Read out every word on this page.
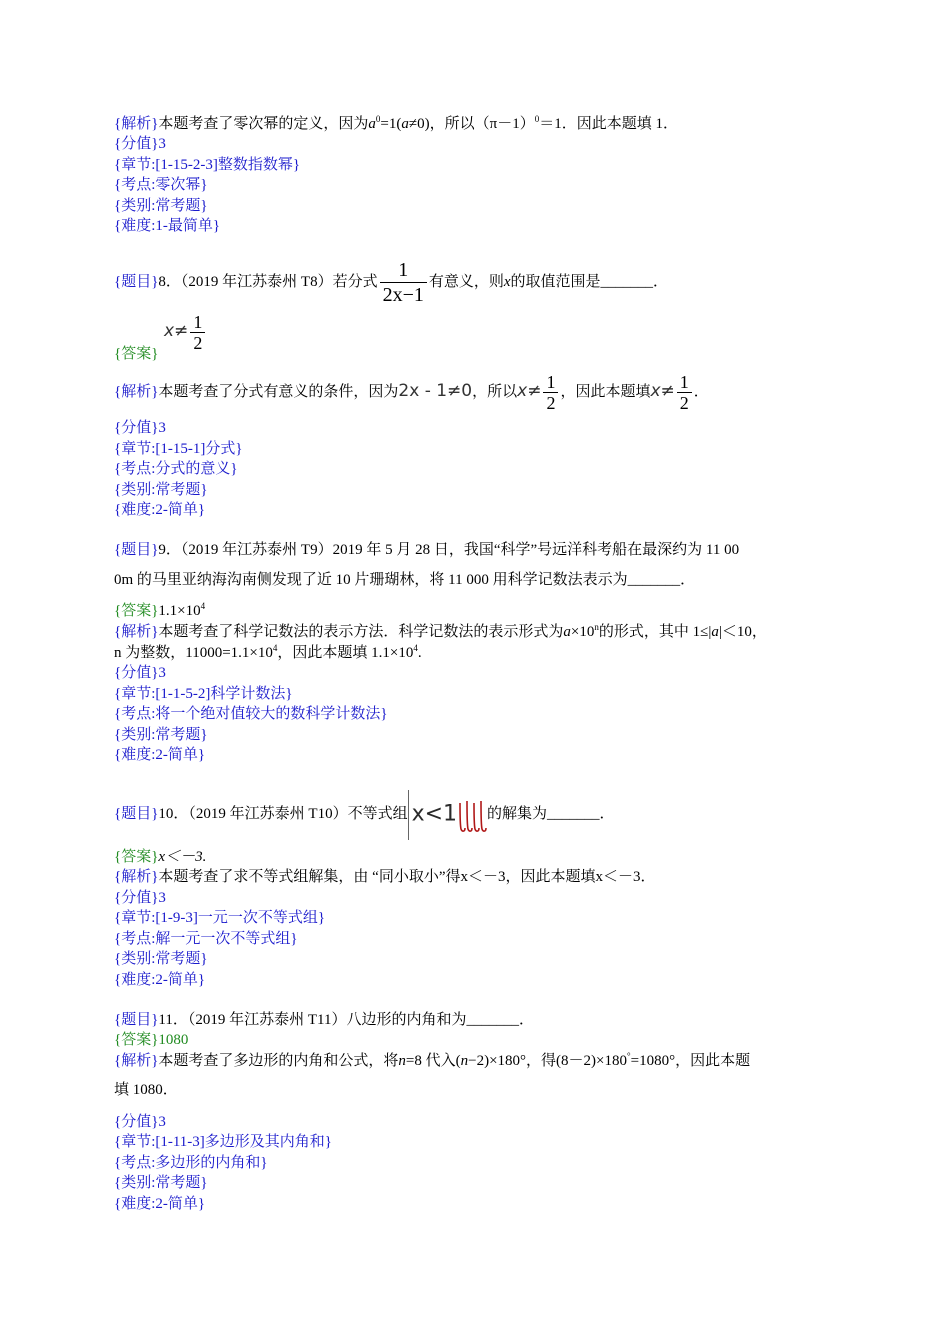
{解析}本题考查了零次幂的定义，因为$a^0=1(a\ne 0)$，所以$(\pi-1)^0=1$．因此本题填 1．
{分值}3
{章节:[1-15-2-3]整数指数幂}
{考点:零次幂}
{类别:常考题}
{难度:1-最简单}
{题目}8．（2019 年江苏泰州 T8）若分式 $\frac{1}{2x-1}$ 有意义，则x的取值范围是_______．
$x\ne \frac{1}{2}$
{答案}
{解析}本题考查了分式有意义的条件，因为2x - 1≠0，所以$x\ne \frac{1}{2}$ ，因此本题填$x\ne \frac{1}{2}$ ．
{分值}3
{章节:[1-15-1]分式}
{考点:分式的意义}
{类别:常考题}
{难度:2-简单}
{题目}9．（2019 年江苏泰州 T9）2019 年 5 月 28 日，我国“科学”号远洋科考船在最深约为 11 00
0m 的马里亚纳海沟南侧发现了近 10 片珊瑚林，将 11 000 用科学记数法表示为_______．
{答案}$1.1\times 10^4$
{解析}本题考查了科学记数法的表示方法．科学记数法的表示形式为$a\times 10^n$的形式，其中 1≤|a|＜10，
n 为整数，$11000=1.1\times 10^4$，因此本题填 $1.1\times 10^4$.
{分值}3
{章节:[1-1-5-2]科学计数法}
{考点:将一个绝对值较大的数科学计数法}
{类别:常考题}
{难度:2-简单}
{题目}10．（2019 年江苏泰州 T10）不等式组 x<1 的解集为_______．
{答案}x＜－3.
{解析}本题考查了求不等式组解集，由 “同小取小”得x＜－3，因此本题填x＜－3．
{分值}3
{章节:[1-9-3]一元一次不等式组}
{考点:解一元一次不等式组}
{类别:常考题}
{难度:2-简单}
{题目}11．（2019 年江苏泰州 T11）八边形的内角和为_______．
{答案}1080
{解析}本题考查了多边形的内角和公式，将n=8 代入(n−2)×180°，得(8－2)×180°=1080°，因此本题
填 1080．
{分值}3
{章节:[1-11-3]多边形及其内角和}
{考点:多边形的内角和}
{类别:常考题}
{难度:2-简单}
